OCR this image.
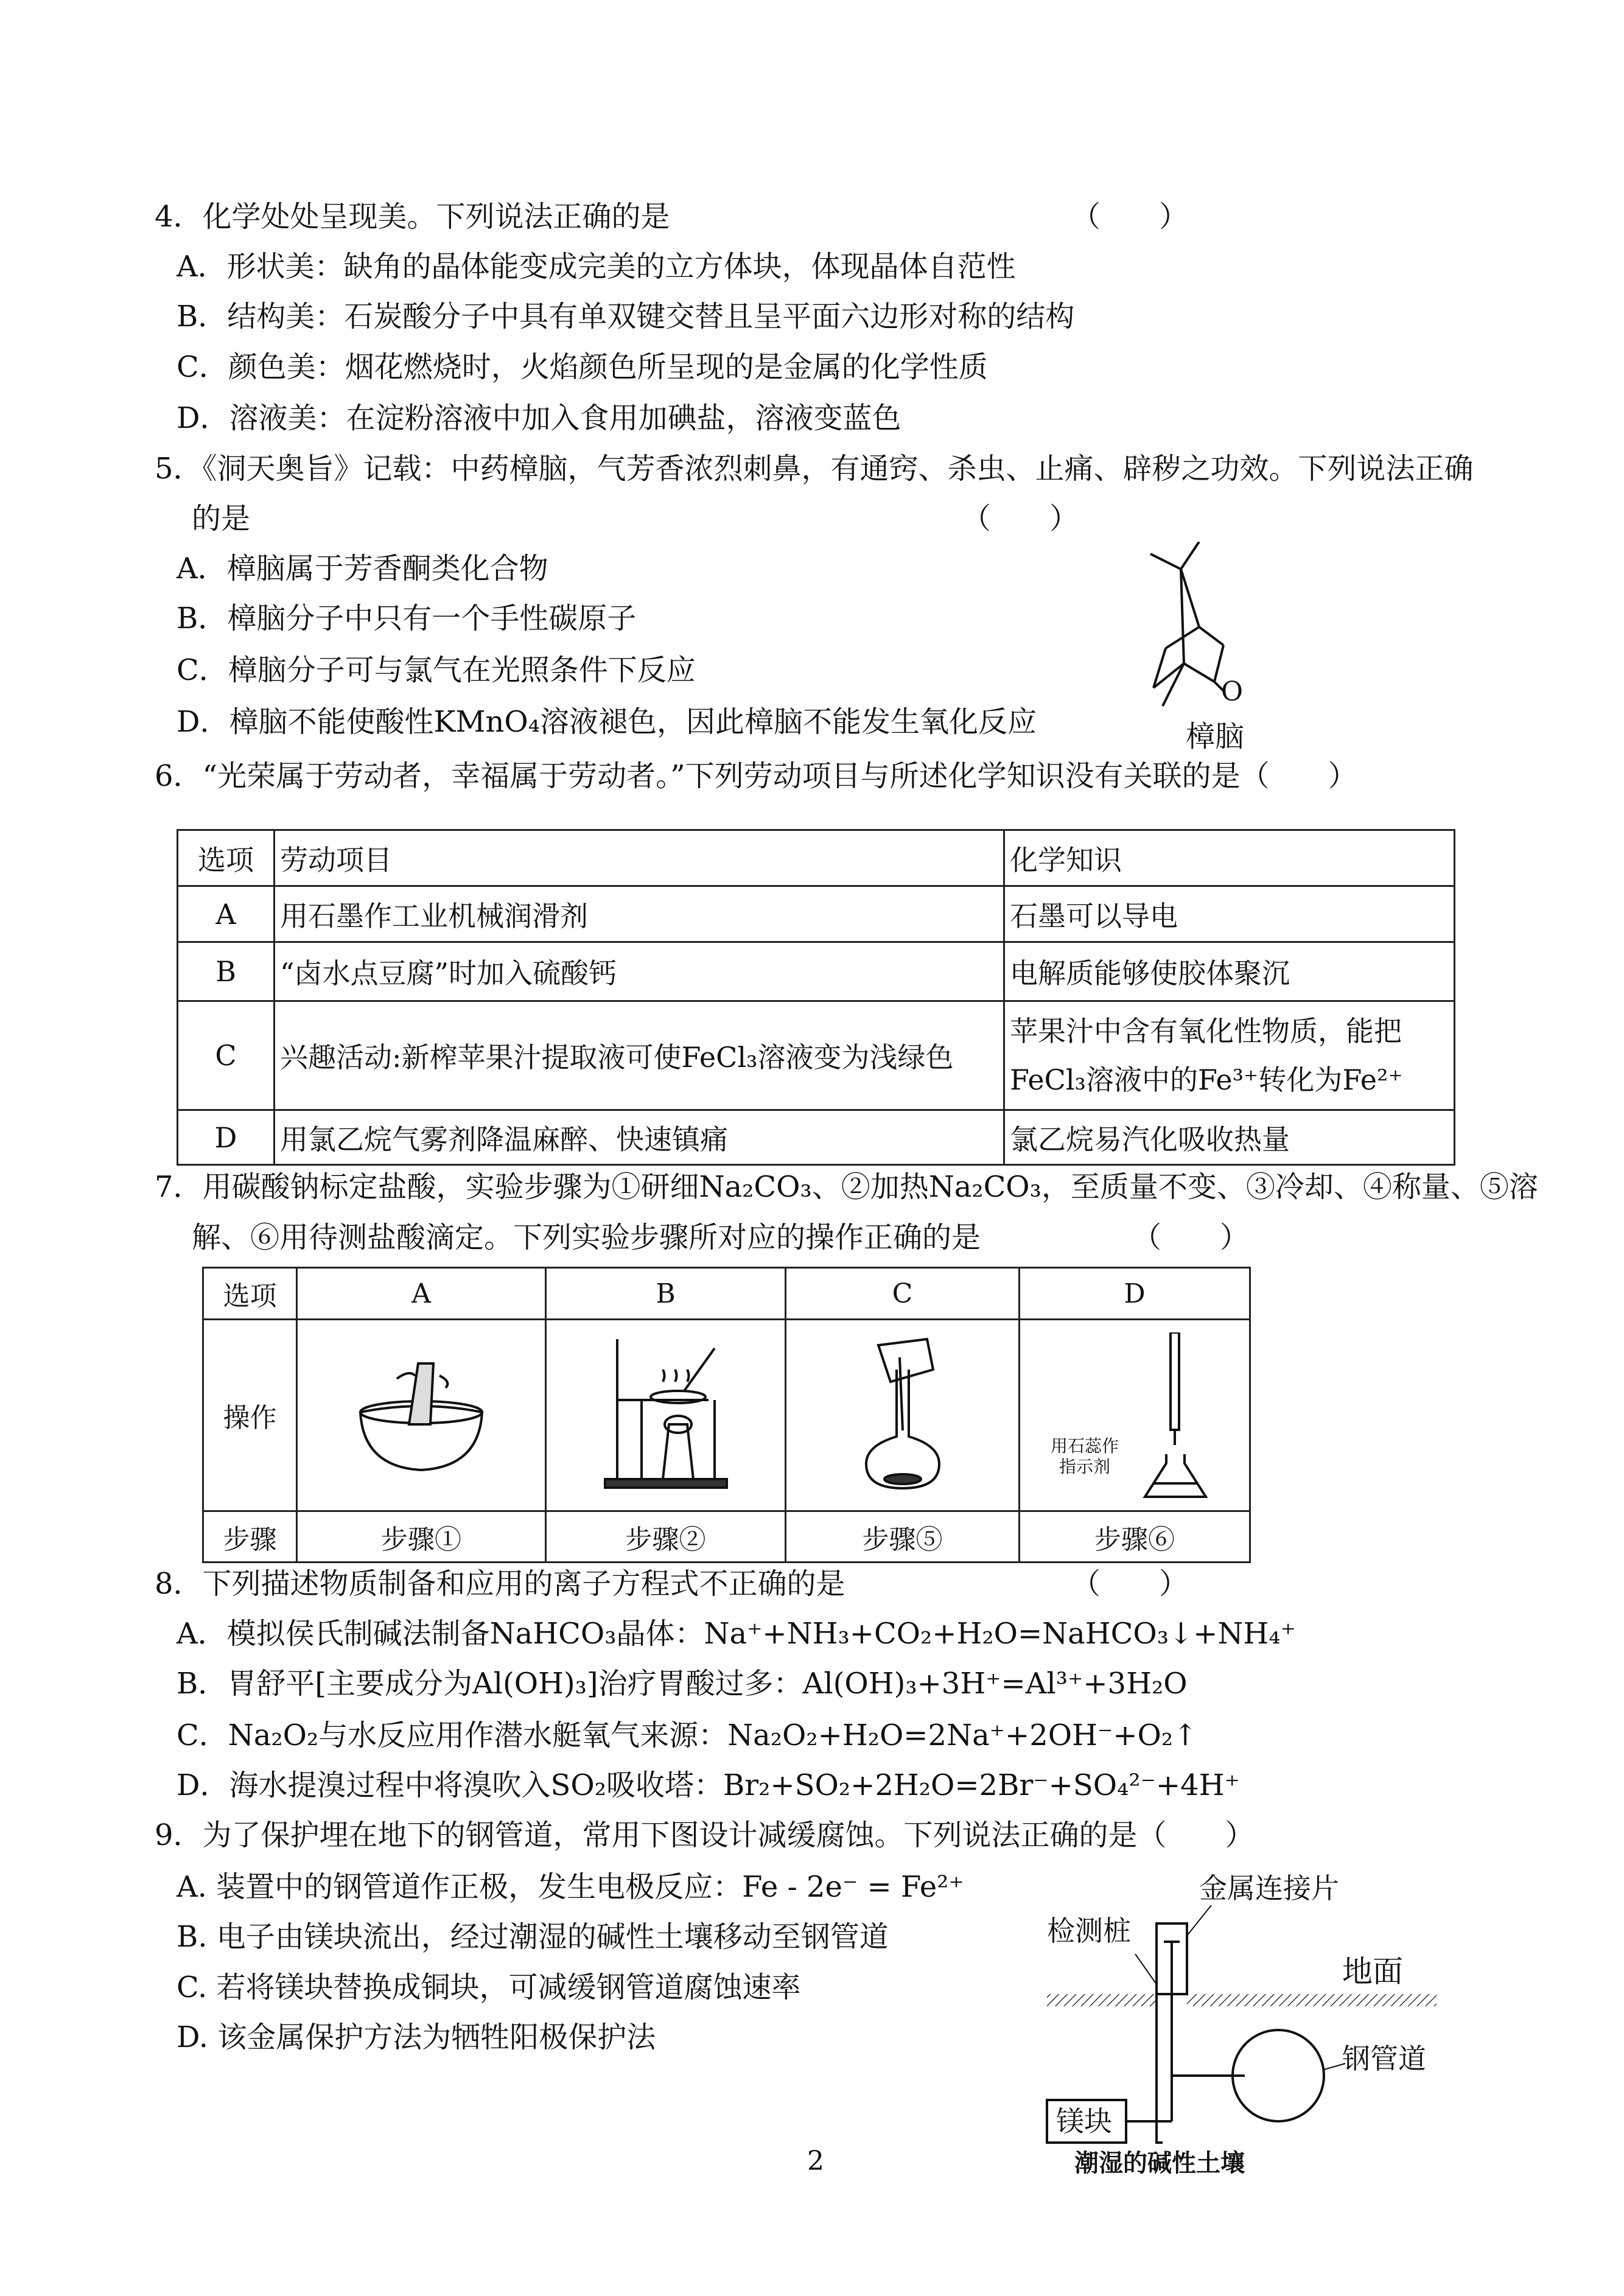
4．化学处处呈现美。下列说法正确的是	（　　）
A．形状美：缺角的晶体能变成完美的立方体块，体现晶体自范性
B．结构美：石炭酸分子中具有单双键交替且呈平面六边形对称的结构
C．颜色美：烟花燃烧时，火焰颜色所呈现的是金属的化学性质
D．溶液美：在淀粉溶液中加入食用加碘盐，溶液变蓝色
5．《洞天奥旨》记载：中药樟脑，气芳香浓烈刺鼻，有通窍、杀虫、止痛、辟秽之功效。下列说法正确
的是	（　　）
A．樟脑属于芳香酮类化合物
B．樟脑分子中只有一个手性碳原子
C．樟脑分子可与氯气在光照条件下反应
D．樟脑不能使酸性KMnO₄溶液褪色，因此樟脑不能发生氧化反应
O
樟脑
6．“光荣属于劳动者，幸福属于劳动者。”下列劳动项目与所述化学知识没有关联的是（　　）
选项	劳动项目	化学知识
A	用石墨作工业机械润滑剂	石墨可以导电
B	“卤水点豆腐”时加入硫酸钙	电解质能够使胶体聚沉
C	兴趣活动:新榨苹果汁提取液可使FeCl₃溶液变为浅绿色	苹果汁中含有氧化性物质，能把
FeCl₃溶液中的Fe³⁺转化为Fe²⁺

D	用氯乙烷气雾剂降温麻醉、快速镇痛	氯乙烷易汽化吸收热量
7．用碳酸钠标定盐酸，实验步骤为①研细Na₂CO₃、②加热Na₂CO₃，至质量不变、③冷却、④称量、⑤溶
解、⑥用待测盐酸滴定。下列实验步骤所对应的操作正确的是	（　　）
选项	A	B	C	D
操作				用石蕊作
指示剂

步骤	步骤①	步骤②	步骤⑤	步骤⑥
8．下列描述物质制备和应用的离子方程式不正确的是	（　　）
A．模拟侯氏制碱法制备NaHCO₃晶体：Na⁺+NH₃+CO₂+H₂O=NaHCO₃↓+NH₄⁺
B．胃舒平[主要成分为Al(OH)₃]治疗胃酸过多：Al(OH)₃+3H⁺=Al³⁺+3H₂O
C．Na₂O₂与水反应用作潜水艇氧气来源：Na₂O₂+H₂O=2Na⁺+2OH⁻+O₂↑
D．海水提溴过程中将溴吹入SO₂吸收塔：Br₂+SO₂+2H₂O=2Br⁻+SO₄²⁻+4H⁺
9．为了保护埋在地下的钢管道，常用下图设计减缓腐蚀。下列说法正确的是（　　）
A. 装置中的钢管道作正极，发生电极反应：Fe - 2e⁻ = Fe²⁺
B. 电子由镁块流出，经过潮湿的碱性土壤移动至钢管道
C. 若将镁块替换成铜块，可减缓钢管道腐蚀速率
D. 该金属保护方法为牺牲阳极保护法
金属连接片
检测桩
地面
钢管道
镁块
潮湿的碱性土壤
2
